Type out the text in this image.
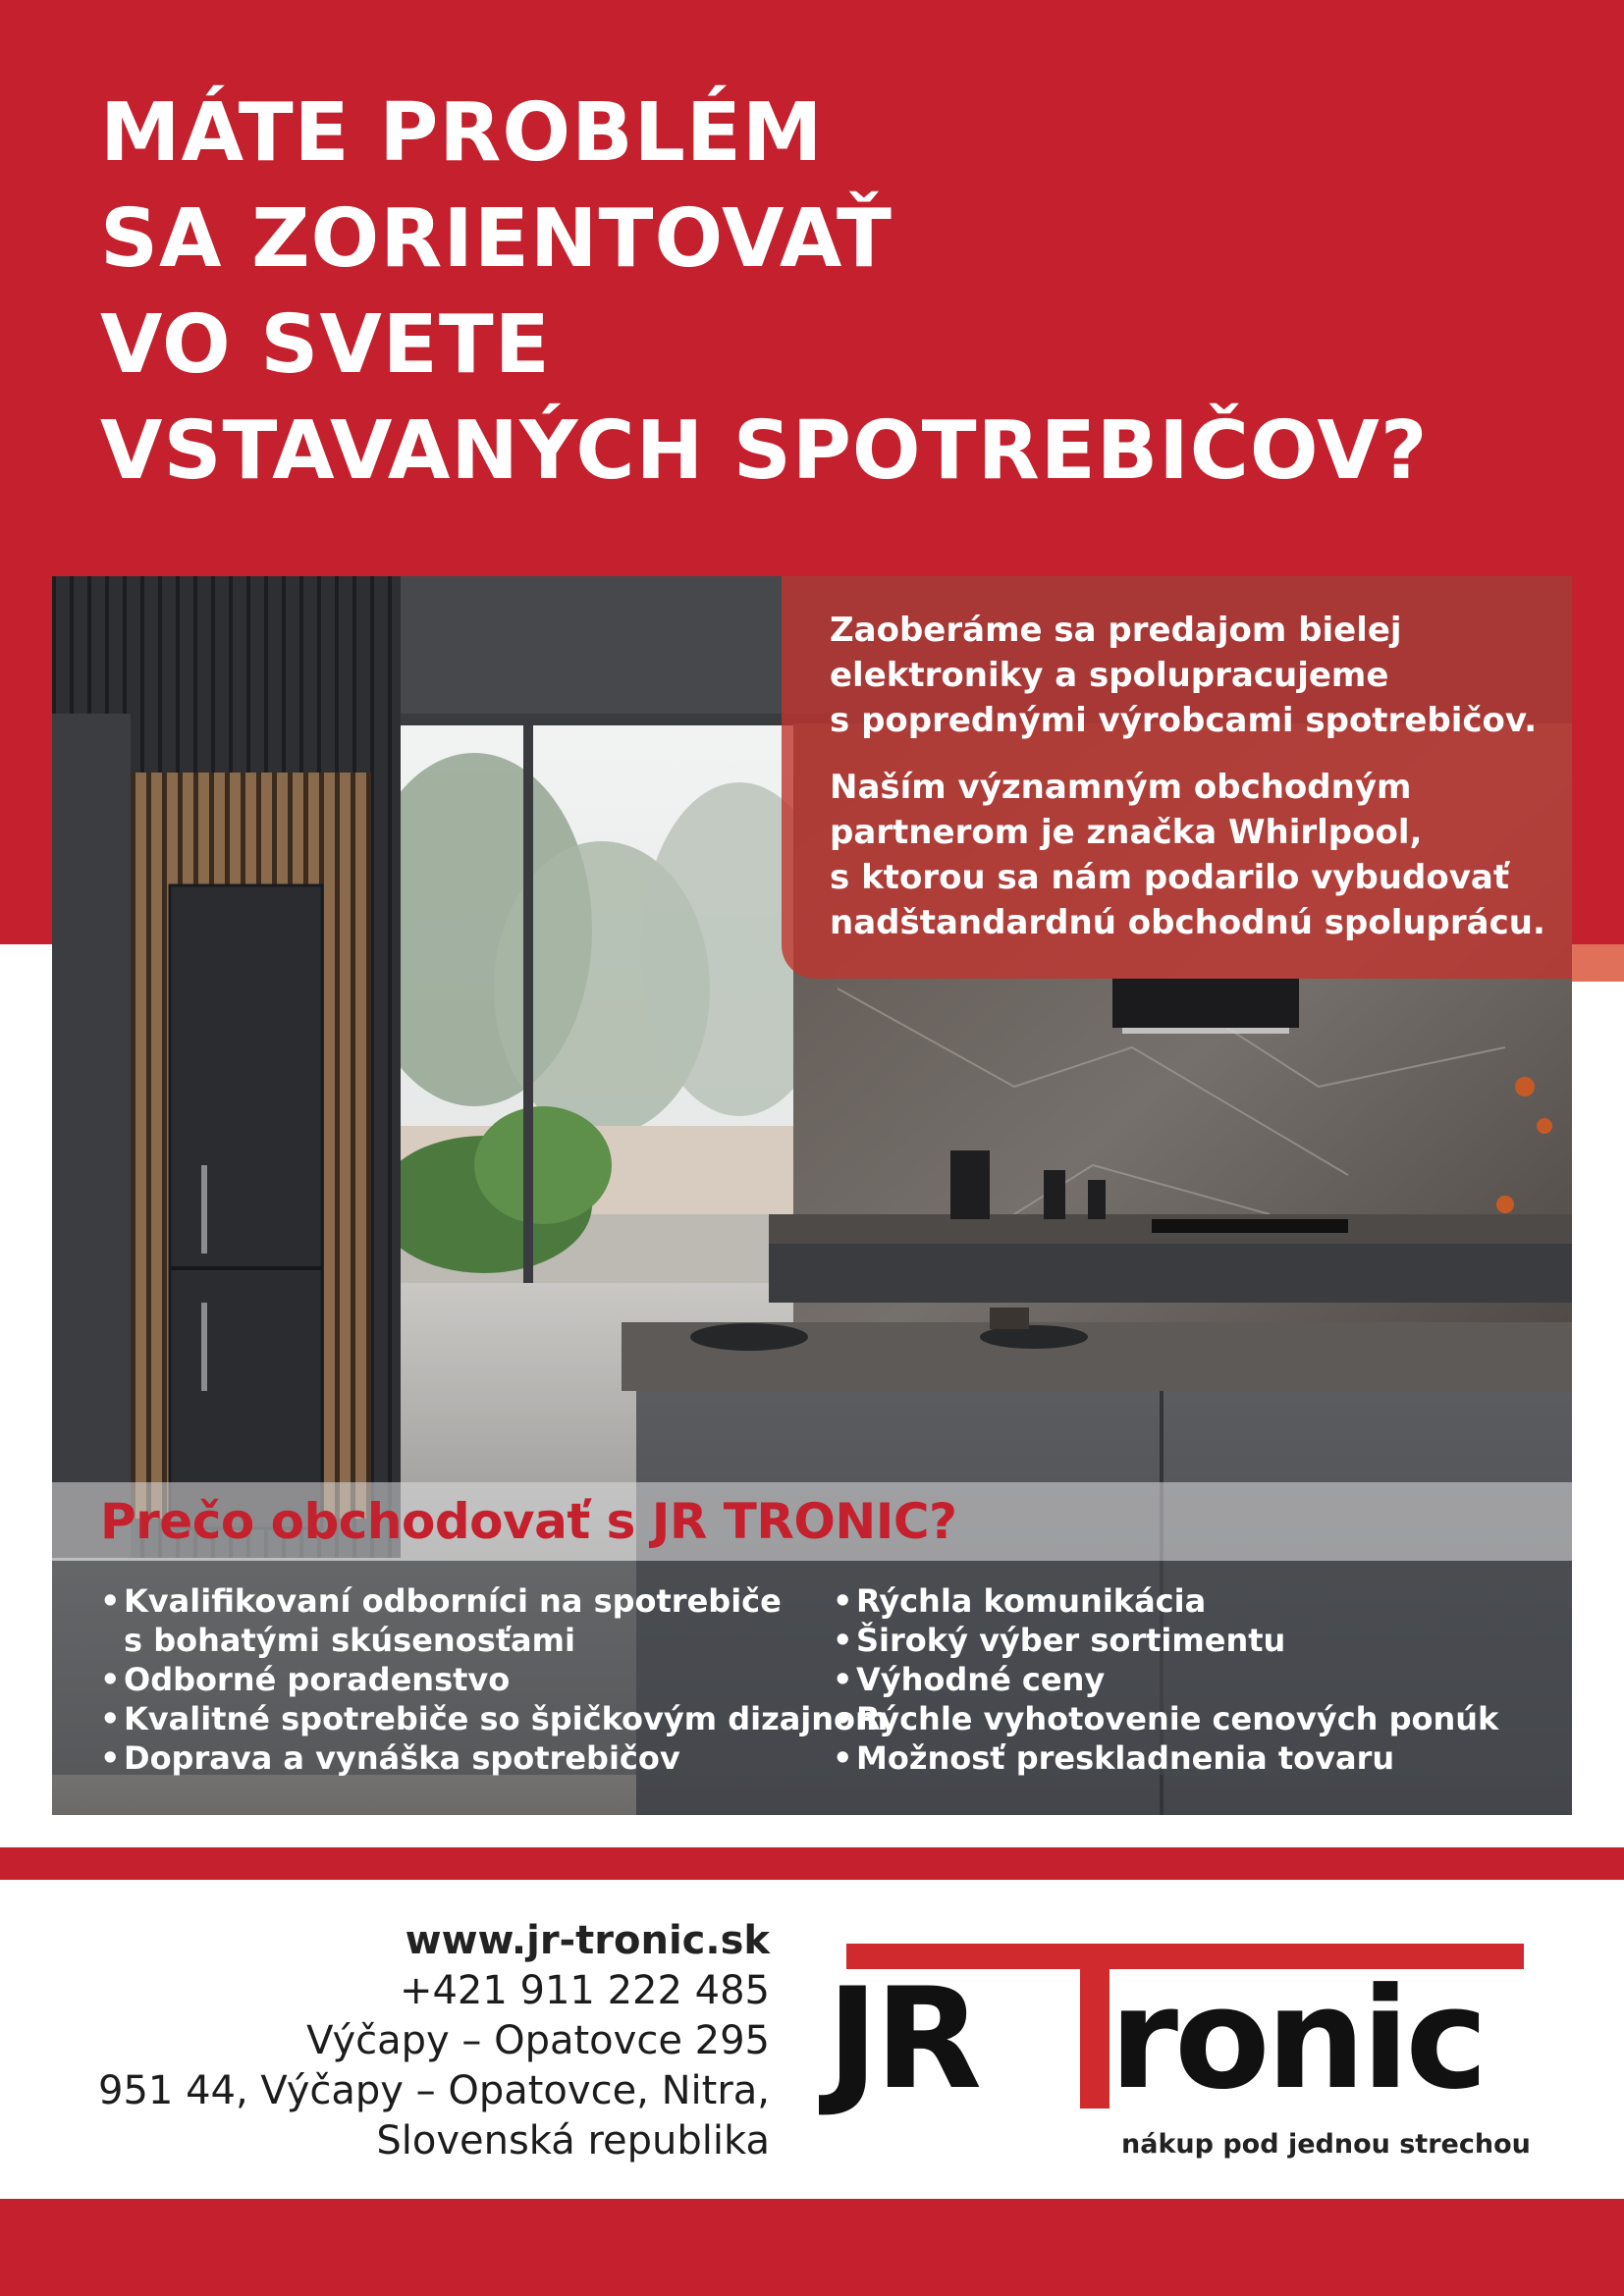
MÁTE PROBLÉM
SA ZORIENTOVAŤ
VO SVETE
VSTAVANÝCH SPOTREBIČOV?

Zaoberáme sa predajom bielej
elektroniky a spolupracujeme
s poprednými výrobcami spotrebičov.

Naším významným obchodným
partnerom je značka Whirlpool,
s ktorou sa nám podarilo vybudovať
nadštandardnú obchodnú spoluprácu.

Prečo obchodovať s JR TRONIC?
• Kvalifikovaní odborníci na spotrebiče
s bohatými skúsenosťami
• Odborné poradenstvo
• Kvalitné spotrebiče so špičkovým dizajnom
• Doprava a vynáška spotrebičov
• Rýchla komunikácia
• Široký výber sortimentu
• Výhodné ceny
• Rýchle vyhotovenie cenových ponúk
• Možnosť preskladnenia tovaru
www.jr-tronic.sk
+421 911 222 485
Výčapy – Opatovce 295
951 44, Výčapy – Opatovce, Nitra,
Slovenská republika
JR ronic
nákup pod jednou strechou
